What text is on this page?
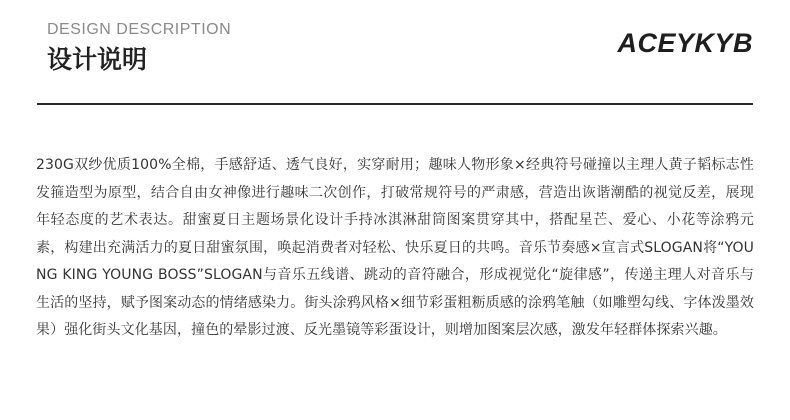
DESIGN DESCRIPTION
设计说明
ACEYKYB
230G双纱优质100%全棉，手感舒适、透气良好，实穿耐用；趣味人物形象×经典符号碰撞以主理人黄子韬标志性发箍造型为原型，结合自由女神像进行趣味二次创作，打破常规符号的严肃感，营造出诙谐潮酷的视觉反差，展现年轻态度的艺术表达。甜蜜夏日主题场景化设计手持冰淇淋甜筒图案贯穿其中，搭配星芒、爱心、小花等涂鸦元素，构建出充满活力的夏日甜蜜氛围，唤起消费者对轻松、快乐夏日的共鸣。音乐节奏感×宣言式SLOGAN将“YOUNG KING YOUNG BOSS”SLOGAN与音乐五线谱、跳动的音符融合，形成视觉化“旋律感”，传递主理人对音乐与生活的坚持，赋予图案动态的情绪感染力。街头涂鸦风格×细节彩蛋粗粝质感的涂鸦笔触（如雕塑勾线、字体泼墨效果）强化街头文化基因，撞色的晕影过渡、反光墨镜等彩蛋设计，则增加图案层次感，激发年轻群体探索兴趣。
